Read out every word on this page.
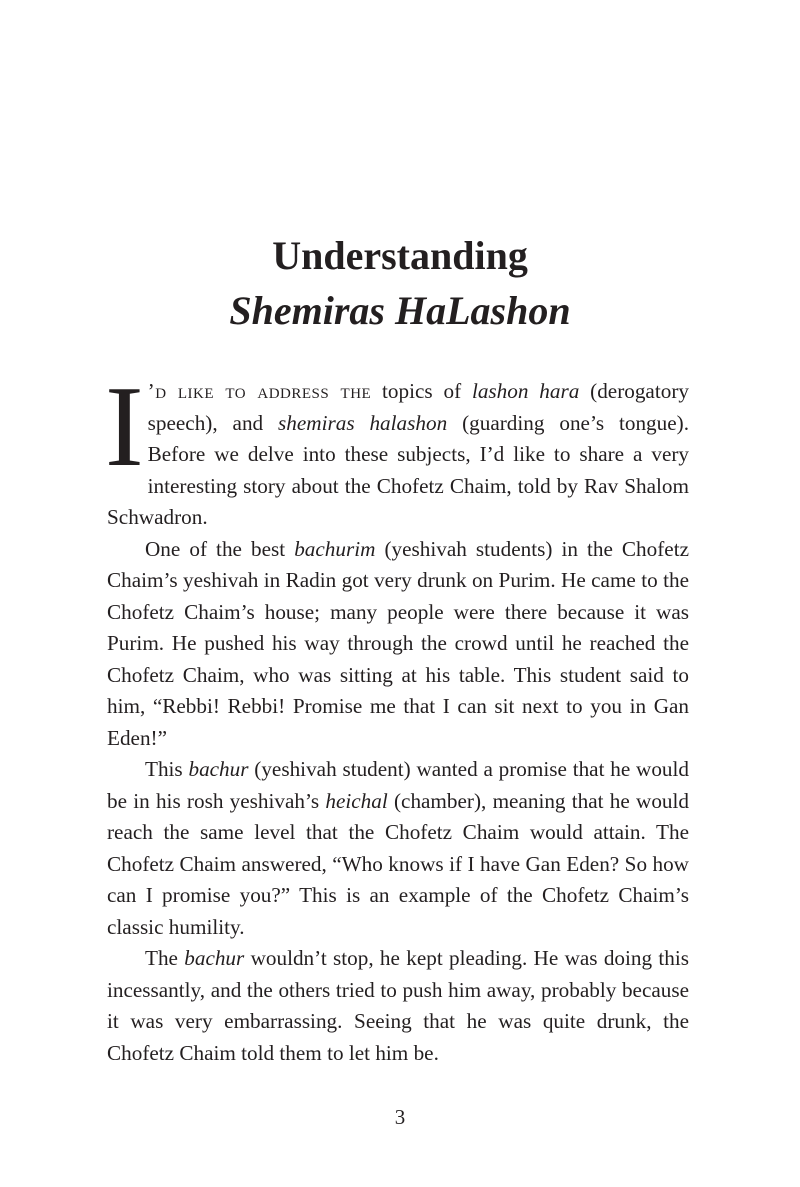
Understanding
Shemiras HaLashon

I ’d like to address the topics of lashon hara (derogatory speech), and shemiras halashon (guarding one’s tongue). Before we delve into these subjects, I’d like to share a very interesting story about the Chofetz Chaim, told by Rav Shalom Schwadron.

One of the best bachurim (yeshivah students) in the Chofetz Chaim’s yeshivah in Radin got very drunk on Purim. He came to the Chofetz Chaim’s house; many people were there because it was Purim. He pushed his way through the crowd until he reached the Chofetz Chaim, who was sitting at his table. This student said to him, “Rebbi! Rebbi! Promise me that I can sit next to you in Gan Eden!”

This bachur (yeshivah student) wanted a promise that he would be in his rosh yeshivah’s heichal (chamber), meaning that he would reach the same level that the Chofetz Chaim would attain. The Chofetz Chaim answered, “Who knows if I have Gan Eden? So how can I promise you?” This is an example of the Chofetz Chaim’s classic humility.

The bachur wouldn’t stop, he kept pleading. He was doing this incessantly, and the others tried to push him away, probably because it was very embarrassing. Seeing that he was quite drunk, the Chofetz Chaim told them to let him be.

3
